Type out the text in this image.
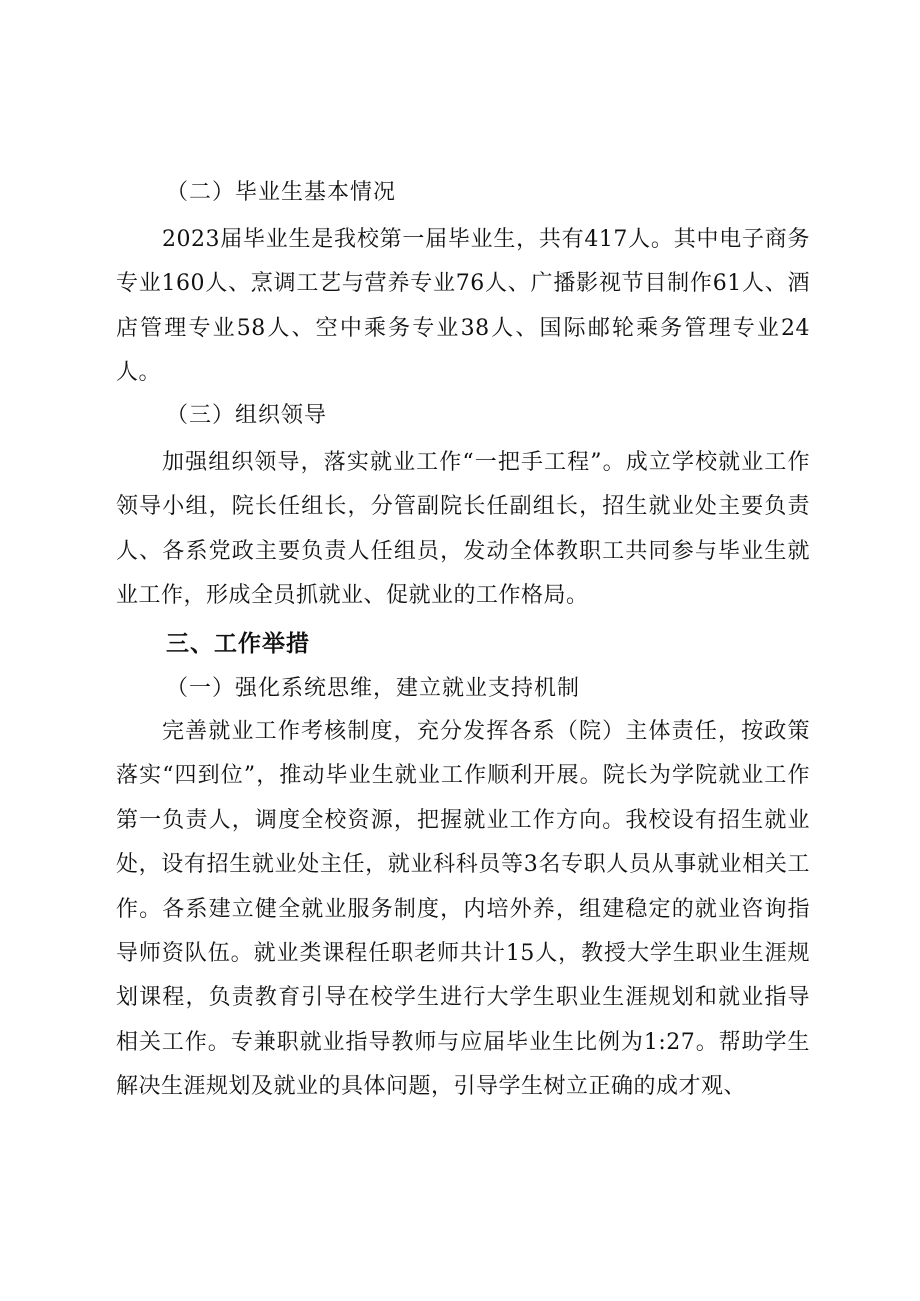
（二）毕业生基本情况

2023届毕业生是我校第一届毕业生，共有417人。其中电子商务专业160人、烹调工艺与营养专业76人、广播影视节目制作61人、酒店管理专业58人、空中乘务专业38人、国际邮轮乘务管理专业24人。

（三）组织领导

加强组织领导，落实就业工作“一把手工程”。成立学校就业工作领导小组，院长任组长，分管副院长任副组长，招生就业处主要负责人、各系党政主要负责人任组员，发动全体教职工共同参与毕业生就业工作，形成全员抓就业、促就业的工作格局。

三、工作举措
（一）强化系统思维，建立就业支持机制

完善就业工作考核制度，充分发挥各系（院）主体责任，按政策落实“四到位”，推动毕业生就业工作顺利开展。院长为学院就业工作第一负责人，调度全校资源，把握就业工作方向。我校设有招生就业处，设有招生就业处主任，就业科科员等3名专职人员从事就业相关工作。各系建立健全就业服务制度，内培外养，组建稳定的就业咨询指导师资队伍。就业类课程任职老师共计15人，教授大学生职业生涯规划课程，负责教育引导在校学生进行大学生职业生涯规划和就业指导相关工作。专兼职就业指导教师与应届毕业生比例为1:27。帮助学生解决生涯规划及就业的具体问题，引导学生树立正确的成才观、
